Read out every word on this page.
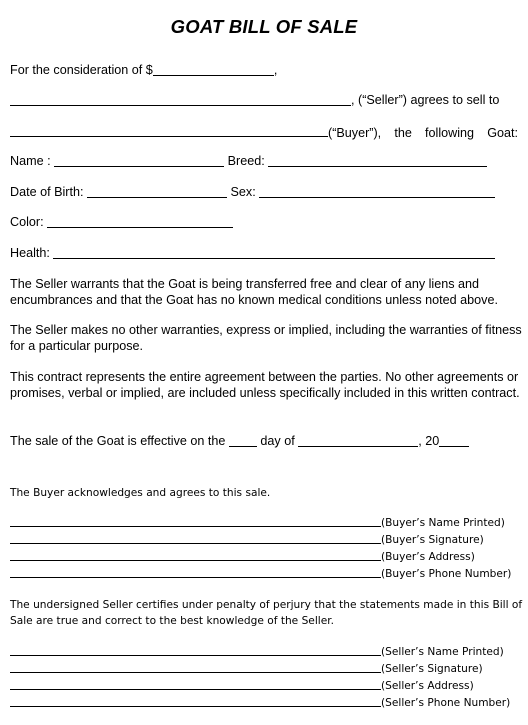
GOAT BILL OF SALE
For the consideration of $	,
, (“Seller”) agrees to sell to
(“Buyer”), the following Goat:
Name :	Breed:
Date of Birth:	Sex:
Color:
Health:
The Seller warrants that the Goat is being transferred free and clear of any liens and encumbrances and that the Goat has no known medical conditions unless noted above.
The Seller makes no other warranties, express or implied, including the warranties of fitness for a particular purpose.
This contract represents the entire agreement between the parties. No other agreements or promises, verbal or implied, are included unless specifically included in this written contract.
The sale of the Goat is effective on the	day of	, 20
The Buyer acknowledges and agrees to this sale.
(Buyer’s Name Printed)
(Buyer’s Signature)
(Buyer’s Address)
(Buyer’s Phone Number)
The undersigned Seller certifies under penalty of perjury that the statements made in this Bill of Sale are true and correct to the best knowledge of the Seller.
(Seller’s Name Printed)
(Seller’s Signature)
(Seller’s Address)
(Seller’s Phone Number)
